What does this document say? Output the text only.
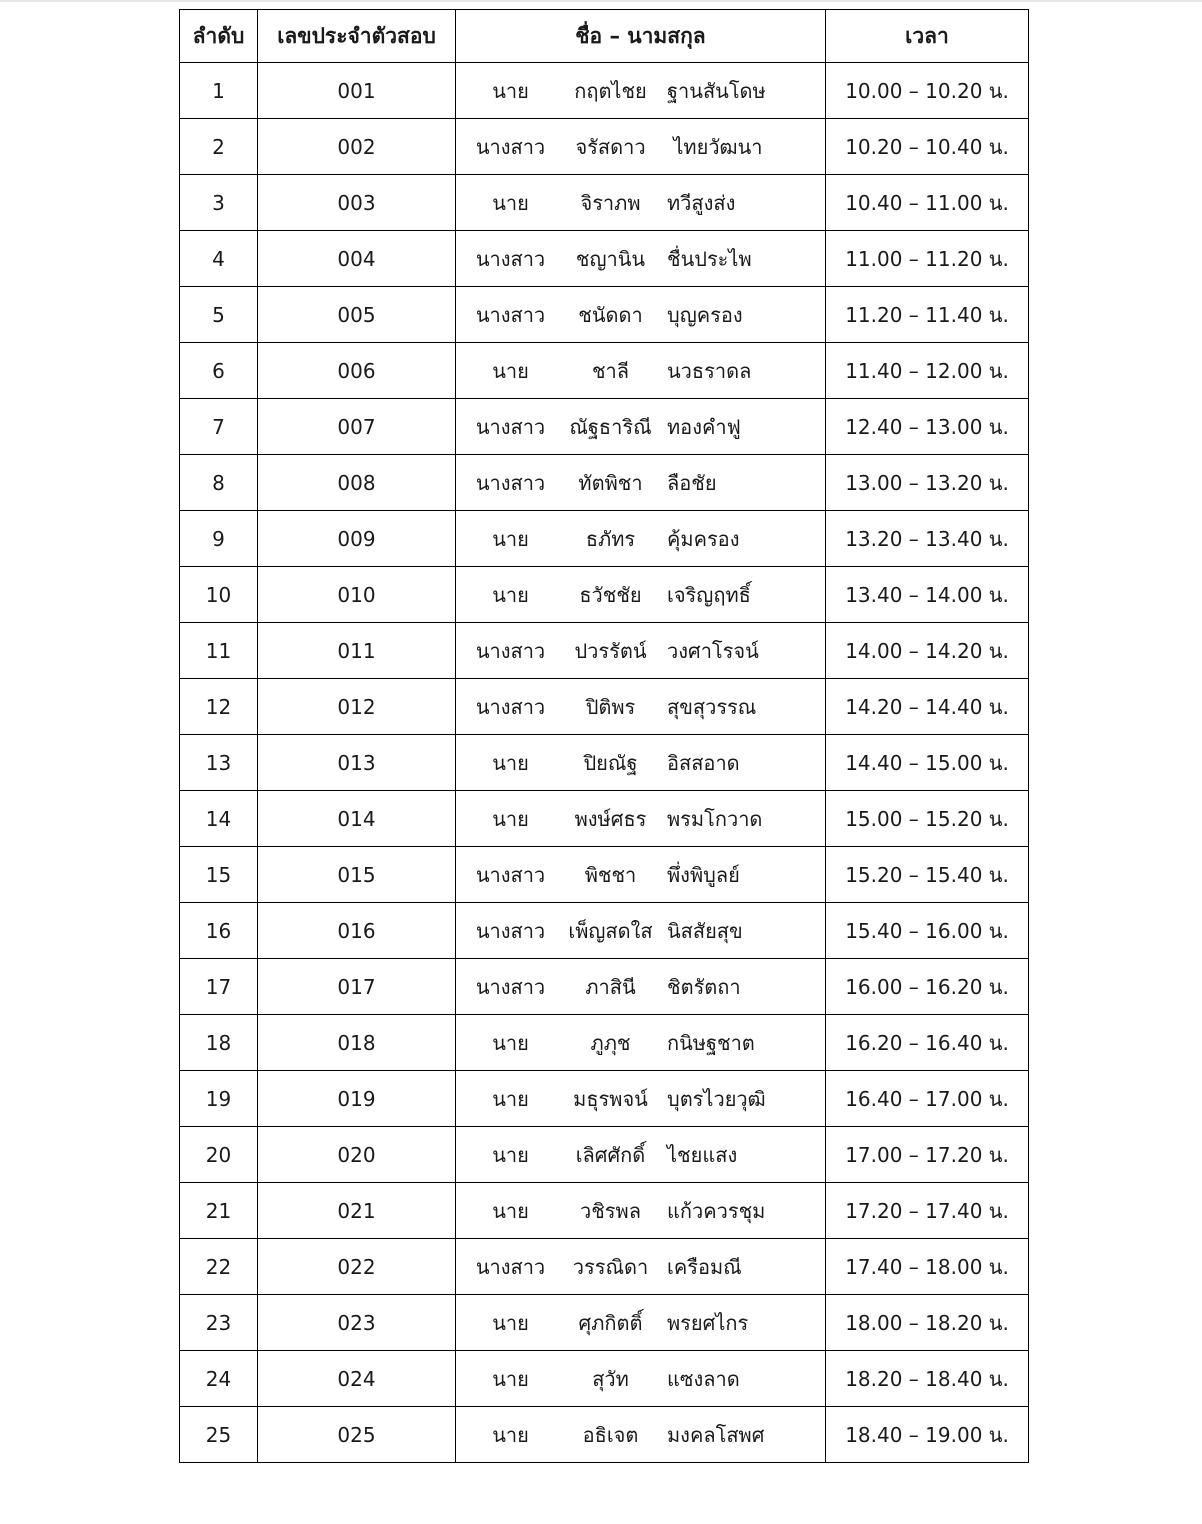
ลำดับ	เลขประจำตัวสอบ	ชื่อ – นามสกุล	เวลา
1	001	นาย กฤตไชย ฐานสันโดษ	10.00 – 10.20 น.
2	002	นางสาว จรัสดาว ไทยวัฒนา	10.20 – 10.40 น.
3	003	นาย จิราภพ ทวีสูงส่ง	10.40 – 11.00 น.
4	004	นางสาว ชญานิน ชื่นประไพ	11.00 – 11.20 น.
5	005	นางสาว ชนัดดา บุญครอง	11.20 – 11.40 น.
6	006	นาย ชาลี นวธราดล	11.40 – 12.00 น.
7	007	นางสาว ณัฐธาริณี ทองคำฟู	12.40 – 13.00 น.
8	008	นางสาว ทัตพิชา ลือชัย	13.00 – 13.20 น.
9	009	นาย ธภัทร คุ้มครอง	13.20 – 13.40 น.
10	010	นาย ธวัชชัย เจริญฤทธิ์	13.40 – 14.00 น.
11	011	นางสาว ปวรรัตน์ วงศาโรจน์	14.00 – 14.20 น.
12	012	นางสาว ปิติพร สุขสุวรรณ	14.20 – 14.40 น.
13	013	นาย ปิยณัฐ อิสสอาด	14.40 – 15.00 น.
14	014	นาย พงษ์ศธร พรมโกวาด	15.00 – 15.20 น.
15	015	นางสาว พิชชา พึ่งพิบูลย์	15.20 – 15.40 น.
16	016	นางสาว เพ็ญสดใส นิสสัยสุข	15.40 – 16.00 น.
17	017	นางสาว ภาสินี ชิตรัตถา	16.00 – 16.20 น.
18	018	นาย ภูภุช กนิษฐชาต	16.20 – 16.40 น.
19	019	นาย มธุรพจน์ บุตรไวยวุฒิ	16.40 – 17.00 น.
20	020	นาย เลิศศักดิ์ ไชยแสง	17.00 – 17.20 น.
21	021	นาย วชิรพล แก้วควรชุม	17.20 – 17.40 น.
22	022	นางสาว วรรณิดา เครือมณี	17.40 – 18.00 น.
23	023	นาย ศุภกิตติ์ พรยศไกร	18.00 – 18.20 น.
24	024	นาย สุวัท แซงลาด	18.20 – 18.40 น.
25	025	นาย อธิเจต มงคลโสพศ	18.40 – 19.00 น.
